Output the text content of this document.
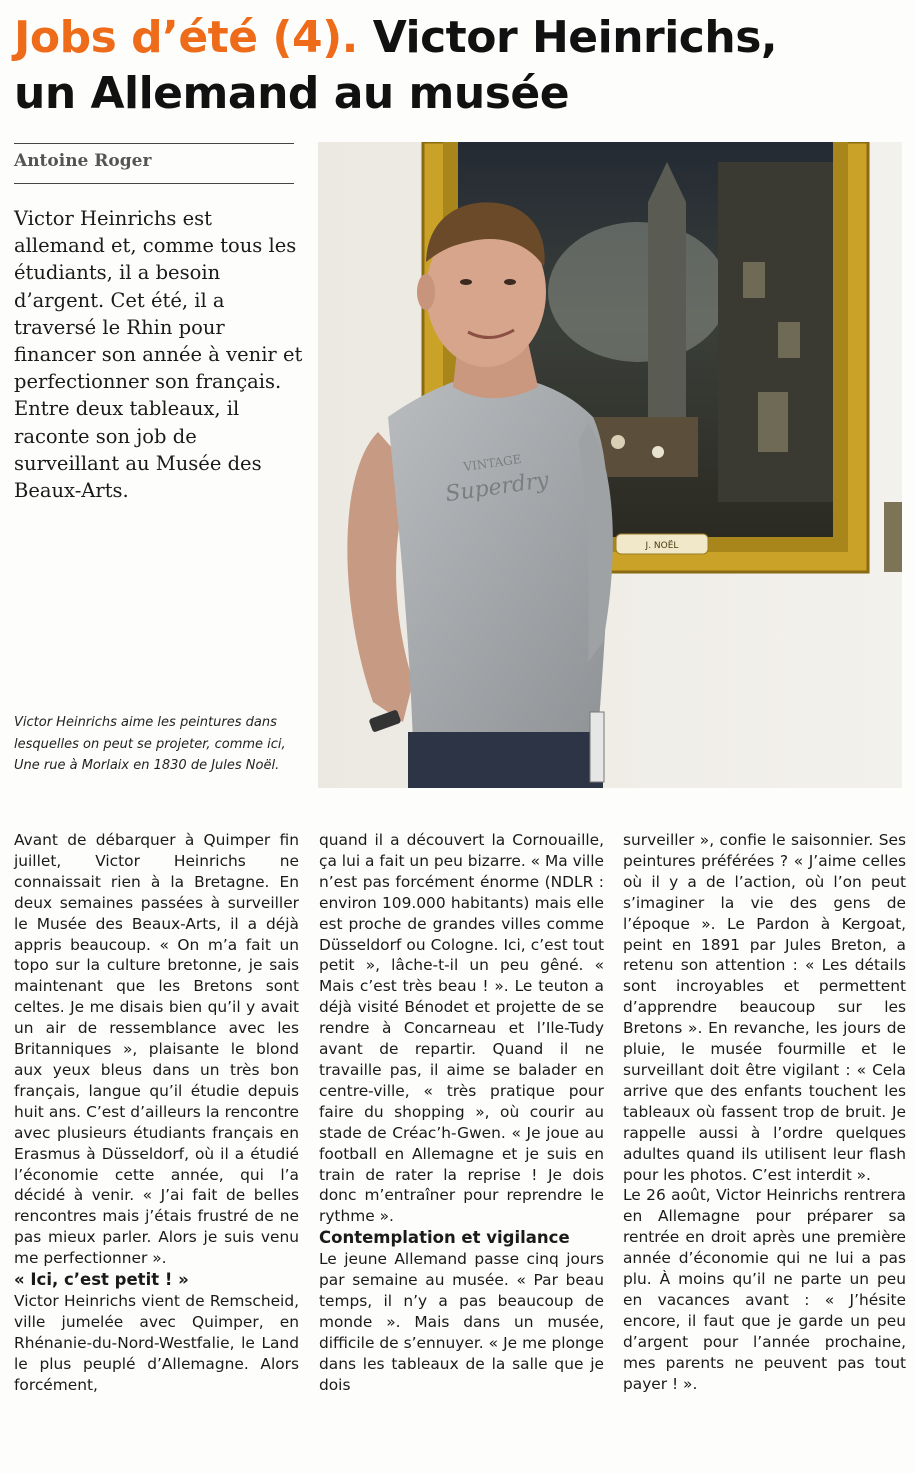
Jobs d’été (4). Victor Heinrichs,
un Allemand au musée
Antoine Roger
Victor Heinrichs est allemand et, comme tous les étudiants, il a besoin d’argent. Cet été, il a traversé le Rhin pour financer son année à venir et perfectionner son français. Entre deux tableaux, il raconte son job de surveillant au Musée des Beaux-Arts.
Victor Heinrichs aime les peintures dans lesquelles on peut se projeter, comme ici, Une rue à Morlaix en 1830 de Jules Noël.
J. NOËL
VINTAGE
Superdry

Avant de débarquer à Quimper fin juillet, Victor Heinrichs ne connaissait rien à la Bretagne. En deux semaines passées à surveiller le Musée des Beaux-Arts, il a déjà appris beaucoup. « On m’a fait un topo sur la culture bretonne, je sais maintenant que les Bretons sont celtes. Je me disais bien qu’il y avait un air de ressemblance avec les Britanniques », plaisante le blond aux yeux bleus dans un très bon français, langue qu’il étudie depuis huit ans. C’est d’ailleurs la rencontre avec plusieurs étudiants français en Erasmus à Düsseldorf, où il a étudié l’économie cette année, qui l’a décidé à venir. « J’ai fait de belles rencontres mais j’étais frustré de ne pas mieux parler. Alors je suis venu me perfectionner ».

« Ici, c’est petit ! »

Victor Heinrichs vient de Remscheid, ville jumelée avec Quimper, en Rhénanie-du-Nord-Westfalie, le Land le plus peuplé d’Allemagne. Alors forcément,

quand il a découvert la Cornouaille, ça lui a fait un peu bizarre. « Ma ville n’est pas forcément énorme (NDLR : environ 109.000 habitants) mais elle est proche de grandes villes comme Düsseldorf ou Cologne. Ici, c’est tout petit », lâche-t-il un peu gêné. « Mais c’est très beau ! ». Le teuton a déjà visité Bénodet et projette de se rendre à Concarneau et l’Ile-Tudy avant de repartir. Quand il ne travaille pas, il aime se balader en centre-ville, « très pratique pour faire du shopping », où courir au stade de Créac’h-Gwen. « Je joue au football en Allemagne et je suis en train de rater la reprise ! Je dois donc m’entraîner pour reprendre le rythme ».

Contemplation et vigilance

Le jeune Allemand passe cinq jours par semaine au musée. « Par beau temps, il n’y a pas beaucoup de monde ». Mais dans un musée, difficile de s’ennuyer. « Je me plonge dans les tableaux de la salle que je dois

surveiller », confie le saisonnier. Ses peintures préférées ? « J’aime celles où il y a de l’action, où l’on peut s’imaginer la vie des gens de l’époque ». Le Pardon à Kergoat, peint en 1891 par Jules Breton, a retenu son attention : « Les détails sont incroyables et permettent d’apprendre beaucoup sur les Bretons ». En revanche, les jours de pluie, le musée fourmille et le surveillant doit être vigilant : « Cela arrive que des enfants touchent les tableaux où fassent trop de bruit. Je rappelle aussi à l’ordre quelques adultes quand ils utilisent leur flash pour les photos. C’est interdit ».

Le 26 août, Victor Heinrichs rentrera en Allemagne pour préparer sa rentrée en droit après une première année d’économie qui ne lui a pas plu. À moins qu’il ne parte un peu en vacances avant : « J’hésite encore, il faut que je garde un peu d’argent pour l’année prochaine, mes parents ne peuvent pas tout payer ! ».
